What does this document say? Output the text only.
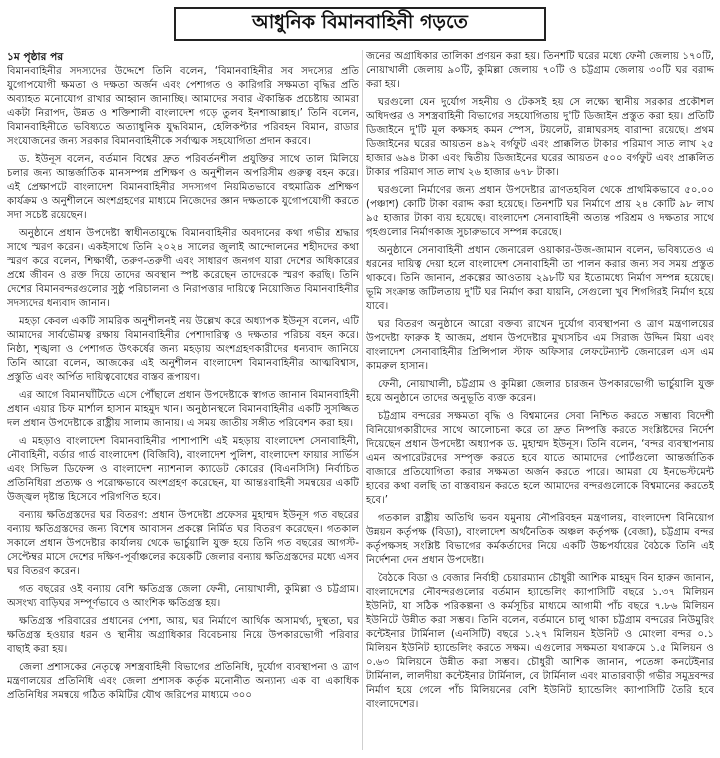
আধুনিক বিমানবাহিনী গড়তে
১ম পৃষ্ঠার পর

বিমানবাহিনীর সদস্যদের উদ্দেশে তিনি বলেন, ‘বিমানবাহিনীর সব সদস্যের প্রতি যুগোপযোগী ক্ষমতা ও দক্ষতা অর্জন এবং পেশাগত ও কারিগরি সক্ষমতা বৃদ্ধির প্রতি অব্যাহত মনোযোগ রাখার আহ্বান জানাচ্ছি। আমাদের সবার ঐকান্তিক প্রচেষ্টায় আমরা একটা নিরাপদ, উন্নত ও শক্তিশালী বাংলাদেশ গড়ে তুলব ইনশাআল্লাহ।’ তিনি বলেন, বিমানবাহিনীতে ভবিষ্যতে অত্যাধুনিক যুদ্ধবিমান, হেলিকপ্টার পরিবহন বিমান, রাডার সংযোজনের জন্য সরকার বিমানবাহিনীকে সর্বাত্মক সহযোগিতা প্রদান করবে।

ড. ইউনূস বলেন, বর্তমান বিশ্বের দ্রুত পরিবর্তনশীল প্রযুক্তির সাথে তাল মিলিয়ে চলার জন্য আন্তর্জাতিক মানসম্পন্ন প্রশিক্ষণ ও অনুশীলন অপরিসীম গুরুত্ব বহন করে। এই প্রেক্ষাপটে বাংলাদেশ বিমানবাহিনীর সদস্যগণ নিয়মিতভাবে বহুমাত্রিক প্রশিক্ষণ কার্যক্রম ও অনুশীলনে অংশগ্রহণের মাধ্যমে নিজেদের জ্ঞান দক্ষতাকে যুগোপযোগী করতে সদা সচেষ্ট রয়েছেন।

অনুষ্ঠানে প্রধান উপদেষ্টা স্বাধীনতাযুদ্ধে বিমানবাহিনীর অবদানের কথা গভীর শ্রদ্ধার সাথে স্মরণ করেন। একইসাথে তিনি ২০২৪ সালের জুলাই আন্দোলনের শহীদদের কথা স্মরণ করে বলেন, শিক্ষার্থী, তরুণ-তরুণী এবং সাধারণ জনগণ যারা দেশের অধিকারের প্রশ্নে জীবন ও রক্ত দিয়ে তাদের অবস্থান স্পষ্ট করেছেন তাদেরকে স্মরণ করছি। তিনি দেশের বিমানবন্দরগুলোর সুষ্ঠু পরিচালনা ও নিরাপত্তার দায়িত্বে নিয়োজিত বিমানবাহিনীর সদস্যদের ধন্যবাদ জানান।

মহড়া কেবল একটি সামরিক অনুশীলনই নয় উল্লেখ করে অধ্যাপক ইউনূস বলেন, এটি আমাদের সার্বভৌমত্ব রক্ষায় বিমানবাহিনীর পেশাদারিত্ব ও দক্ষতার পরিচয় বহন করে। নিষ্ঠা, শৃঙ্খলা ও পেশাগত উৎকর্ষের জন্য মহড়ায় অংশগ্রহণকারীদের ধন্যবাদ জানিয়ে তিনি আরো বলেন, আজকের এই অনুশীলন বাংলাদেশ বিমানবাহিনীর আত্মবিশ্বাস, প্রস্তুতি এবং অর্পিত দায়িত্ববোধের বাস্তব রূপায়ণ।

এর আগে বিমানঘাঁটিতে এসে পৌঁছালে প্রধান উপদেষ্টাকে স্বাগত জানান বিমানবাহিনী প্রধান এয়ার চিফ মার্শাল হাসান মাহমুদ খান। অনুষ্ঠানস্থলে বিমানবাহিনীর একটি সুসজ্জিত দল প্রধান উপদেষ্টাকে রাষ্ট্রীয় সালাম জানায়। এ সময় জাতীয় সঙ্গীত পরিবেশন করা হয়।

এ মহড়াও বাংলাদেশ বিমানবাহিনীর পাশাপাশি এই মহড়ায় বাংলাদেশ সেনাবাহিনী, নৌবাহিনী, বর্ডার গার্ড বাংলাদেশ (বিজিবি), বাংলাদেশ পুলিশ, বাংলাদেশ ফায়ার সার্ভিস এবং সিভিল ডিফেন্স ও বাংলাদেশ ন্যাশনাল ক্যাডেট কোরের (বিএনসিসি) নির্বাচিত প্রতিনিধিরা প্রত্যক্ষ ও পরোক্ষভাবে অংশগ্রহণ করেছেন, যা আন্তঃবাহিনী সমন্বয়ের একটি উজ্জ্বল দৃষ্টান্ত হিসেবে পরিগণিত হবে।

বন্যায় ক্ষতিগ্রস্তদের ঘর বিতরণ: প্রধান উপদেষ্টা প্রফেসর মুহাম্মদ ইউনূস গত বছরের বন্যায় ক্ষতিগ্রস্তদের জন্য বিশেষ আবাসন প্রকল্পে নির্মিত ঘর বিতরণ করেছেন। গতকাল সকালে প্রধান উপদেষ্টার কার্যালয় থেকে ভার্চুয়ালি যুক্ত হয়ে তিনি গত বছরের আগস্ট-সেপ্টেম্বর মাসে দেশের দক্ষিণ-পূর্বাঞ্চলের কয়েকটি জেলার বন্যায় ক্ষতিগ্রস্তদের মধ্যে এসব ঘর বিতরণ করেন।

গত বছরের ওই বন্যায় বেশি ক্ষতিগ্রস্ত জেলা ফেনী, নোয়াখালী, কুমিল্লা ও চট্টগ্রাম। অসংখ্য বাড়িঘর সম্পূর্ণভাবে ও আংশিক ক্ষতিগ্রস্ত হয়।

ক্ষতিগ্রস্ত পরিবারের প্রধানের পেশা, আয়, ঘর নির্মাণে আর্থিক অসামর্থ্য, দুস্থতা, ঘর ক্ষতিগ্রস্ত হওয়ার ধরন ও স্থানীয় অগ্রাধিকার বিবেচনায় নিয়ে উপকারভোগী পরিবার বাছাই করা হয়।

জেলা প্রশাসকের নেতৃত্বে সশস্ত্রবাহিনী বিভাগের প্রতিনিধি, দুর্যোগ ব্যবস্থাপনা ও ত্রাণ মন্ত্রণালয়ের প্রতিনিধি এবং জেলা প্রশাসক কর্তৃক মনোনীত অন্যান্য এক বা একাধিক প্রতিনিধির সমন্বয়ে গঠিত কমিটির যৌথ জরিপের মাধ্যমে ৩০০

জনের অগ্রাধিকার তালিকা প্রণয়ন করা হয়। তিনশটি ঘরের মধ্যে ফেনী জেলায় ১৭০টি, নোয়াখালী জেলায় ৯০টি, কুমিল্লা জেলায় ৭০টি ও চট্টগ্রাম জেলায় ৩০টি ঘর বরাদ্দ করা হয়।

ঘরগুলো যেন দুর্যোগ সহনীয় ও টেকসই হয় সে লক্ষ্যে স্থানীয় সরকার প্রকৌশল অধিদপ্তর ও সশস্ত্রবাহিনী বিভাগের সহযোগিতায় দু'টি ডিজাইন প্রস্তুত করা হয়। প্রতিটি ডিজাইনে দু'টি মূল কক্ষসহ কমন স্পেস, টয়লেট, রান্নাঘরসহ বারান্দা রয়েছে। প্রথম ডিজাইনের ঘরের আয়তন ৪৯২ বর্গফুট এবং প্রাক্কলিত টাকার পরিমাণ সাত লাখ ২৫ হাজার ৬৯৪ টাকা এবং দ্বিতীয় ডিজাইনের ঘরের আয়তন ৫০০ বর্গফুট এবং প্রাক্কলিত টাকার পরিমাণ সাত লাখ ২৬ হাজার ৬৭৮ টাকা।

ঘরগুলো নির্মাণের জন্য প্রধান উপদেষ্টার ত্রাণতহবিল থেকে প্রাথমিকভাবে ৫০.০০ (পঞ্চাশ) কোটি টাকা বরাদ্দ করা হয়েছে। তিনশটি ঘর নির্মাণে প্রায় ২৪ কোটি ৯৮ লাখ ৯৫ হাজার টাকা ব্যয় হয়েছে। বাংলাদেশ সেনাবাহিনী অত্যন্ত পরিশ্রম ও দক্ষতার সাথে গৃহগুলোর নির্মাণকাজ সুচারুভাবে সম্পন্ন করেছে।

অনুষ্ঠানে সেনাবাহিনী প্রধান জেনারেল ওয়াকার-উজ-জামান বলেন, ভবিষ্যতেও এ ধরনের দায়িত্ব দেয়া হলে বাংলাদেশ সেনাবাহিনী তা পালন করার জন্য সব সময় প্রস্তুত থাকবে। তিনি জানান, প্রকল্পের আওতায় ২৯৮টি ঘর ইতোমধ্যে নির্মাণ সম্পন্ন হয়েছে। ভূমি সংক্রান্ত জটিলতায় দু'টি ঘর নির্মাণ করা যায়নি, সেগুলো খুব শিগগিরই নির্মাণ হয়ে যাবে।

ঘর বিতরণ অনুষ্ঠানে আরো বক্তব্য রাখেন দুর্যোগ ব্যবস্থাপনা ও ত্রাণ মন্ত্রণালয়ের উপদেষ্টা ফারুক ই আজম, প্রধান উপদেষ্টার মুখ্যসচিব এম সিরাজ উদ্দিন মিয়া এবং বাংলাদেশ সেনাবাহিনীর প্রিন্সিপাল স্টাফ অফিসার লেফটেন্যান্ট জেনারেল এস এম কামরুল হাসান।

ফেনী, নোয়াখালী, চট্টগ্রাম ও কুমিল্লা জেলার চারজন উপকারভোগী ভার্চুয়ালি যুক্ত হয়ে অনুষ্ঠানে তাদের অনুভূতি ব্যক্ত করেন।

চট্টগ্রাম বন্দরের সক্ষমতা বৃদ্ধি ও বিশ্বমানের সেবা নিশ্চিত করতে সম্ভাব্য বিদেশী বিনিয়োগকারীদের সাথে আলোচনা করে তা দ্রুত নিষ্পত্তি করতে সংশ্লিষ্টদের নির্দেশ দিয়েছেন প্রধান উপদেষ্টা অধ্যাপক ড. মুহাম্মদ ইউনূস। তিনি বলেন, ‘বন্দর ব্যবস্থাপনায় এমন অপারেটরদের সম্পৃক্ত করতে হবে যাতে আমাদের পোর্টগুলো আন্তর্জাতিক বাজারে প্রতিযোগিতা করার সক্ষমতা অর্জন করতে পারে। আমরা যে ইনভেস্টমেন্ট হাবের কথা বলছি তা বাস্তবায়ন করতে হলে আমাদের বন্দরগুলোকে বিশ্বমানের করতেই হবে।’

গতকাল রাষ্ট্রীয় অতিথি ভবন যমুনায় নৌপরিবহন মন্ত্রণালয়, বাংলাদেশ বিনিয়োগ উন্নয়ন কর্তৃপক্ষ (বিডা), বাংলাদেশ অর্থনৈতিক অঞ্চল কর্তৃপক্ষ (বেজা), চট্টগ্রাম বন্দর কর্তৃপক্ষসহ সংশ্লিষ্ট বিভাগের কর্মকর্তাদের নিয়ে একটি উচ্চপর্যায়ের বৈঠকে তিনি এই নির্দেশনা দেন প্রধান উপদেষ্টা।

বৈঠকে বিডা ও বেজার নির্বাহী চেয়ারম্যান চৌধুরী আশিক মাহমুদ বিন হারুন জানান, বাংলাদেশের নৌবন্দরগুলোর বর্তমান হ্যান্ডেলিং ক্যাপাসিটি বছরে ১.৩৭ মিলিয়ন ইউনিট, যা সঠিক পরিকল্পনা ও কর্মসূচির মাধ্যমে আগামী পাঁচ বছরে ৭.৮৬ মিলিয়ন ইউনিটে উন্নীত করা সম্ভব। তিনি বলেন, বর্তমানে চালু থাকা চট্টগ্রাম বন্দরের নিউমুরিং কন্টেইনার টার্মিনাল (এনসিটি) বছরে ১.২৭ মিলিয়ন ইউনিট ও মোংলা বন্দর ০.১ মিলিয়ন ইউনিট হ্যান্ডেলিং করতে সক্ষম। এগুলোর সক্ষমতা যথাক্রমে ১.৫ মিলিয়ন ও ০.৬৩ মিলিয়নে উন্নীত করা সম্ভব। চৌধুরী আশিক জানান, পতেঙ্গা কনটেইনার টার্মিনাল, লালদীয়া কন্টেইনার টার্মিনাল, বে টার্মিনাল এবং মাতারবাড়ী গভীর সমুদ্রবন্দর নির্মাণ হয়ে গেলে পাঁচ মিলিয়নের বেশি ইউনিট হ্যান্ডেলিং ক্যাপাসিটি তৈরি হবে বাংলাদেশের।
